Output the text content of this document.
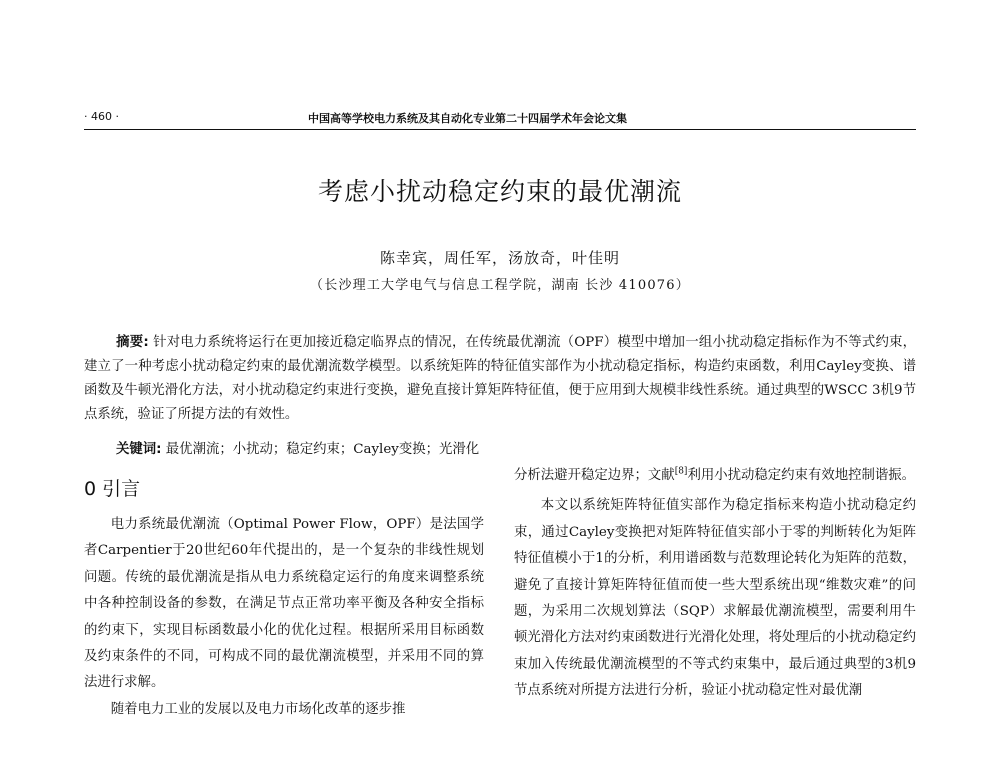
· 460 ·	中国高等学校电力系统及其自动化专业第二十四届学术年会论文集
考虑小扰动稳定约束的最优潮流
陈幸宾，周任军，汤放奇，叶佳明
（长沙理工大学电气与信息工程学院，湖南 长沙 410076）
摘要: 针对电力系统将运行在更加接近稳定临界点的情况，在传统最优潮流（OPF）模型中增加一组小扰动稳定指标作为不等式约束，建立了一种考虑小扰动稳定约束的最优潮流数学模型。以系统矩阵的特征值实部作为小扰动稳定指标，构造约束函数，利用Cayley变换、谱函数及牛顿光滑化方法，对小扰动稳定约束进行变换，避免直接计算矩阵特征值，便于应用到大规模非线性系统。通过典型的WSCC 3机9节点系统，验证了所提方法的有效性。
关键词: 最优潮流；小扰动；稳定约束；Cayley变换；光滑化
0 引言

电力系统最优潮流（Optimal Power Flow，OPF）是法国学者Carpentier于20世纪60年代提出的，是一个复杂的非线性规划问题。传统的最优潮流是指从电力系统稳定运行的角度来调整系统中各种控制设备的参数，在满足节点正常功率平衡及各种安全指标的约束下，实现目标函数最小化的优化过程。根据所采用目标函数及约束条件的不同，可构成不同的最优潮流模型，并采用不同的算法进行求解。

随着电力工业的发展以及电力市场化改革的逐步推

分析法避开稳定边界；文献[8]利用小扰动稳定约束有效地控制谐振。

本文以系统矩阵特征值实部作为稳定指标来构造小扰动稳定约束，通过Cayley变换把对矩阵特征值实部小于零的判断转化为矩阵特征值模小于1的分析，利用谱函数与范数理论转化为矩阵的范数，避免了直接计算矩阵特征值而使一些大型系统出现“维数灾难”的问题，为采用二次规划算法（SQP）求解最优潮流模型，需要利用牛顿光滑化方法对约束函数进行光滑化处理，将处理后的小扰动稳定约束加入传统最优潮流模型的不等式约束集中，最后通过典型的3机9节点系统对所提方法进行分析，验证小扰动稳定性对最优潮
